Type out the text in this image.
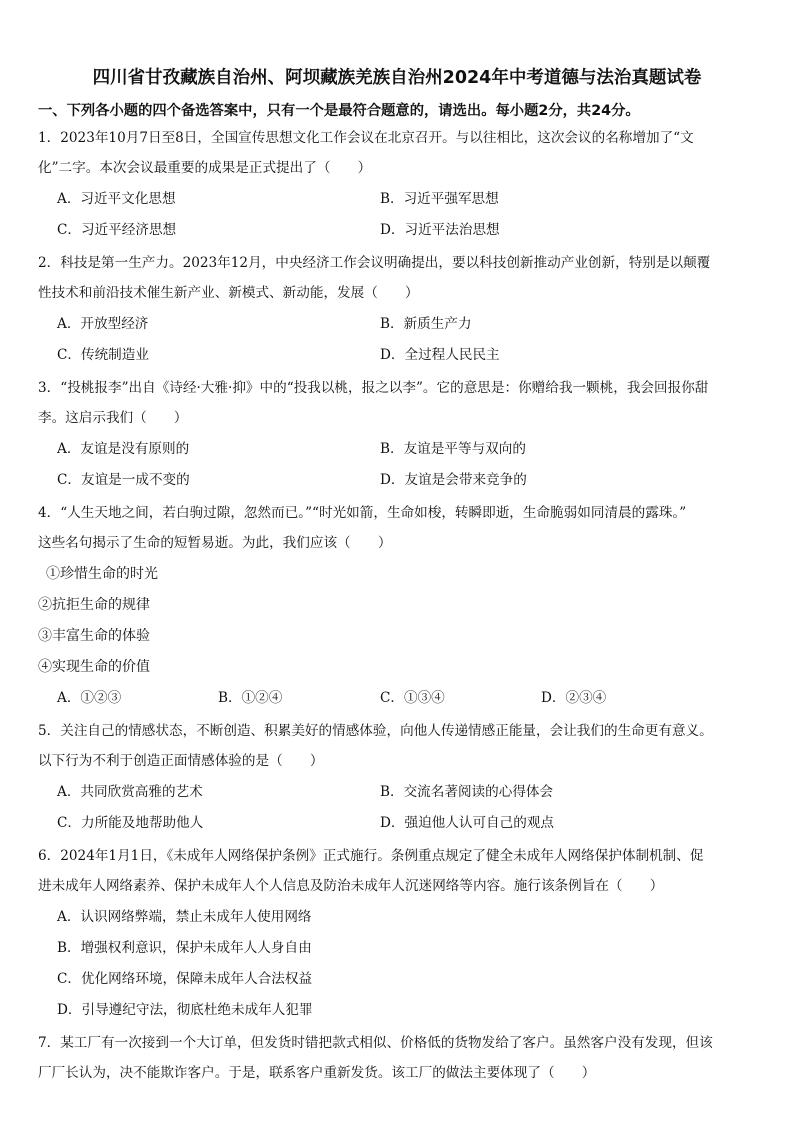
四川省甘孜藏族自治州、阿坝藏族羌族自治州2024年中考道德与法治真题试卷
一、下列各小题的四个备选答案中，只有一个是最符合题意的，请选出。每小题2分，共24分。
1．2023年10月7日至8日，全国宣传思想文化工作会议在北京召开。与以往相比，这次会议的名称增加了“文
化”二字。本次会议最重要的成果是正式提出了（　　）
A．习近平文化思想	B．习近平强军思想
C．习近平经济思想	D．习近平法治思想
2．科技是第一生产力。2023年12月，中央经济工作会议明确提出，要以科技创新推动产业创新，特别是以颠覆
性技术和前沿技术催生新产业、新模式、新动能，发展（　　）
A．开放型经济	B．新质生产力
C．传统制造业	D．全过程人民民主
3．“投桃报李”出自《诗经·大雅·抑》中的“投我以桃，报之以李”。它的意思是：你赠给我一颗桃，我会回报你甜
李。这启示我们（　　）
A．友谊是没有原则的	B．友谊是平等与双向的
C．友谊是一成不变的	D．友谊是会带来竞争的
4．“人生天地之间，若白驹过隙，忽然而已。”“时光如箭，生命如梭，转瞬即逝，生命脆弱如同清晨的露珠。”
这些名句揭示了生命的短暂易逝。为此，我们应该（　　）
①珍惜生命的时光
②抗拒生命的规律
③丰富生命的体验
④实现生命的价值
A．①②③	B．①②④	C．①③④	D．②③④
5．关注自己的情感状态，不断创造、积累美好的情感体验，向他人传递情感正能量，会让我们的生命更有意义。
以下行为不利于创造正面情感体验的是（　　）
A．共同欣赏高雅的艺术	B．交流名著阅读的心得体会
C．力所能及地帮助他人	D．强迫他人认可自己的观点
6．2024年1月1日，《未成年人网络保护条例》正式施行。条例重点规定了健全未成年人网络保护体制机制、促
进未成年人网络素养、保护未成年人个人信息及防治未成年人沉迷网络等内容。施行该条例旨在（　　）
A．认识网络弊端，禁止未成年人使用网络
B．增强权利意识，保护未成年人人身自由
C．优化网络环境，保障未成年人合法权益
D．引导遵纪守法，彻底杜绝未成年人犯罪
7．某工厂有一次接到一个大订单，但发货时错把款式相似、价格低的货物发给了客户。虽然客户没有发现，但该
厂厂长认为，决不能欺诈客户。于是，联系客户重新发货。该工厂的做法主要体现了（　　）
